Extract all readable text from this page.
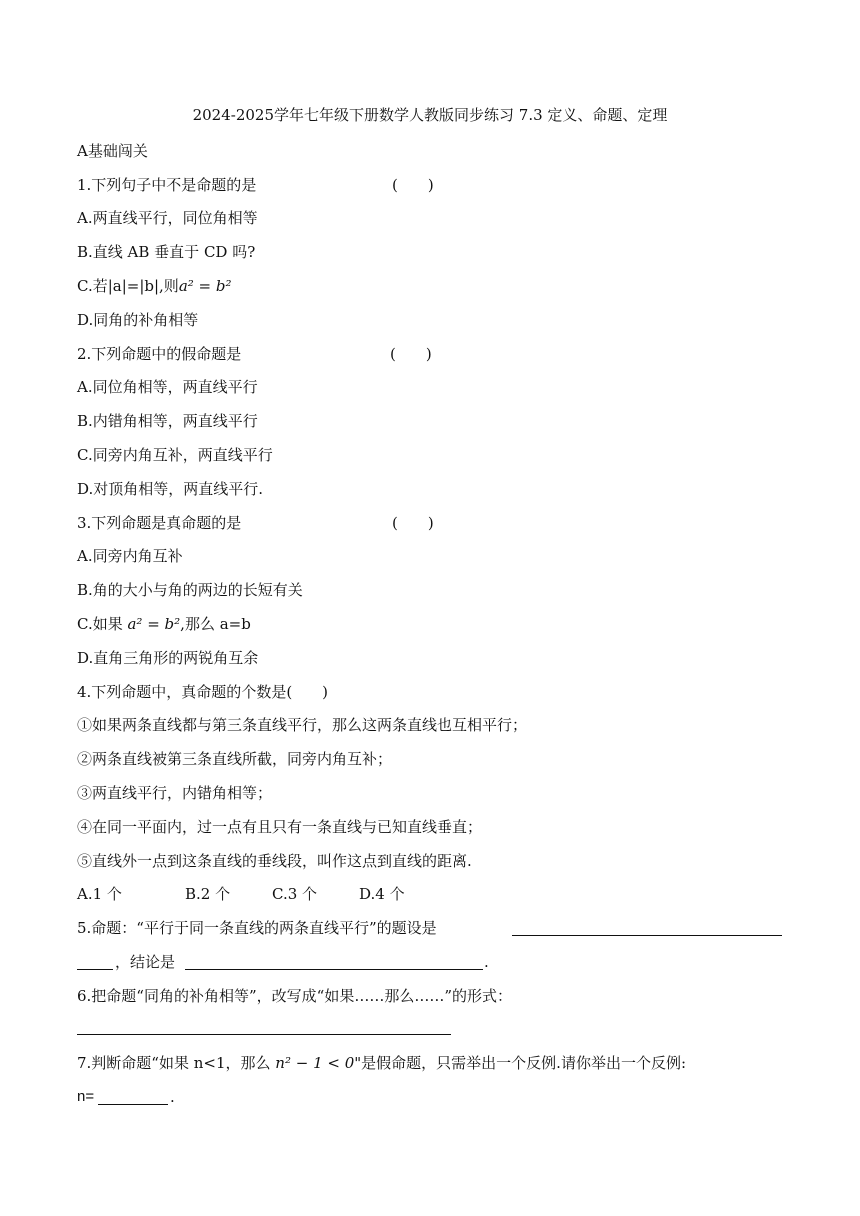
2024-2025学年七年级下册数学人教版同步练习 7.3 定义、命题、定理
A基础闯关
1.下列句子中不是命题的是	(　　)
A.两直线平行，同位角相等
B.直线 AB 垂直于 CD 吗?
C.若|a|=|b|,则a² = b²
D.同角的补角相等
2.下列命题中的假命题是	(　　)
A.同位角相等，两直线平行
B.内错角相等，两直线平行
C.同旁内角互补，两直线平行
D.对顶角相等，两直线平行.
3.下列命题是真命题的是	(　　)
A.同旁内角互补
B.角的大小与角的两边的长短有关
C.如果 a² = b²,那么 a=b
D.直角三角形的两锐角互余
4.下列命题中，真命题的个数是(　　)
①如果两条直线都与第三条直线平行，那么这两条直线也互相平行；
②两条直线被第三条直线所截，同旁内角互补；
③两直线平行，内错角相等；
④在同一平面内，过一点有且只有一条直线与已知直线垂直；
⑤直线外一点到这条直线的垂线段，叫作这点到直线的距离.
A.1 个	B.2 个	C.3 个	D.4 个
5.命题：“平行于同一条直线的两条直线平行”的题设是
，结论是	.
6.把命题“同角的补角相等”，改写成“如果……那么……”的形式：
7.判断命题“如果 n<1，那么 n² − 1 < 0"是假命题，只需举出一个反例.请你举出一个反例:
n=	.
